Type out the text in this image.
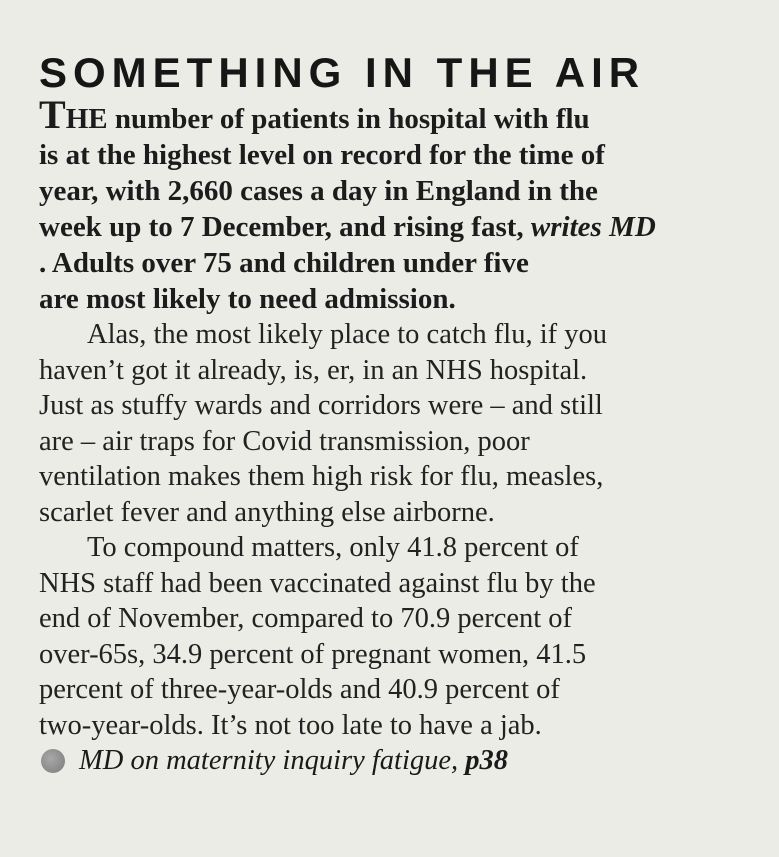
SOMETHING IN THE AIR

THE number of patients in hospital with flu
is at the highest level on record for the time of
year, with 2,660 cases a day in England in the
week up to 7 December, and rising fast, writes MD
. Adults over 75 and children under five
are most likely to need admission.

Alas, the most likely place to catch flu, if you
haven’t got it already, is, er, in an NHS hospital.
Just as stuffy wards and corridors were – and still
are – air traps for Covid transmission, poor
ventilation makes them high risk for flu, measles,
scarlet fever and anything else airborne.

To compound matters, only 41.8 percent of
NHS staff had been vaccinated against flu by the
end of November, compared to 70.9 percent of
over-65s, 34.9 percent of pregnant women, 41.5
percent of three-year-olds and 40.9 percent of
two-year-olds. It’s not too late to have a jab.

MD on maternity inquiry fatigue, p38
